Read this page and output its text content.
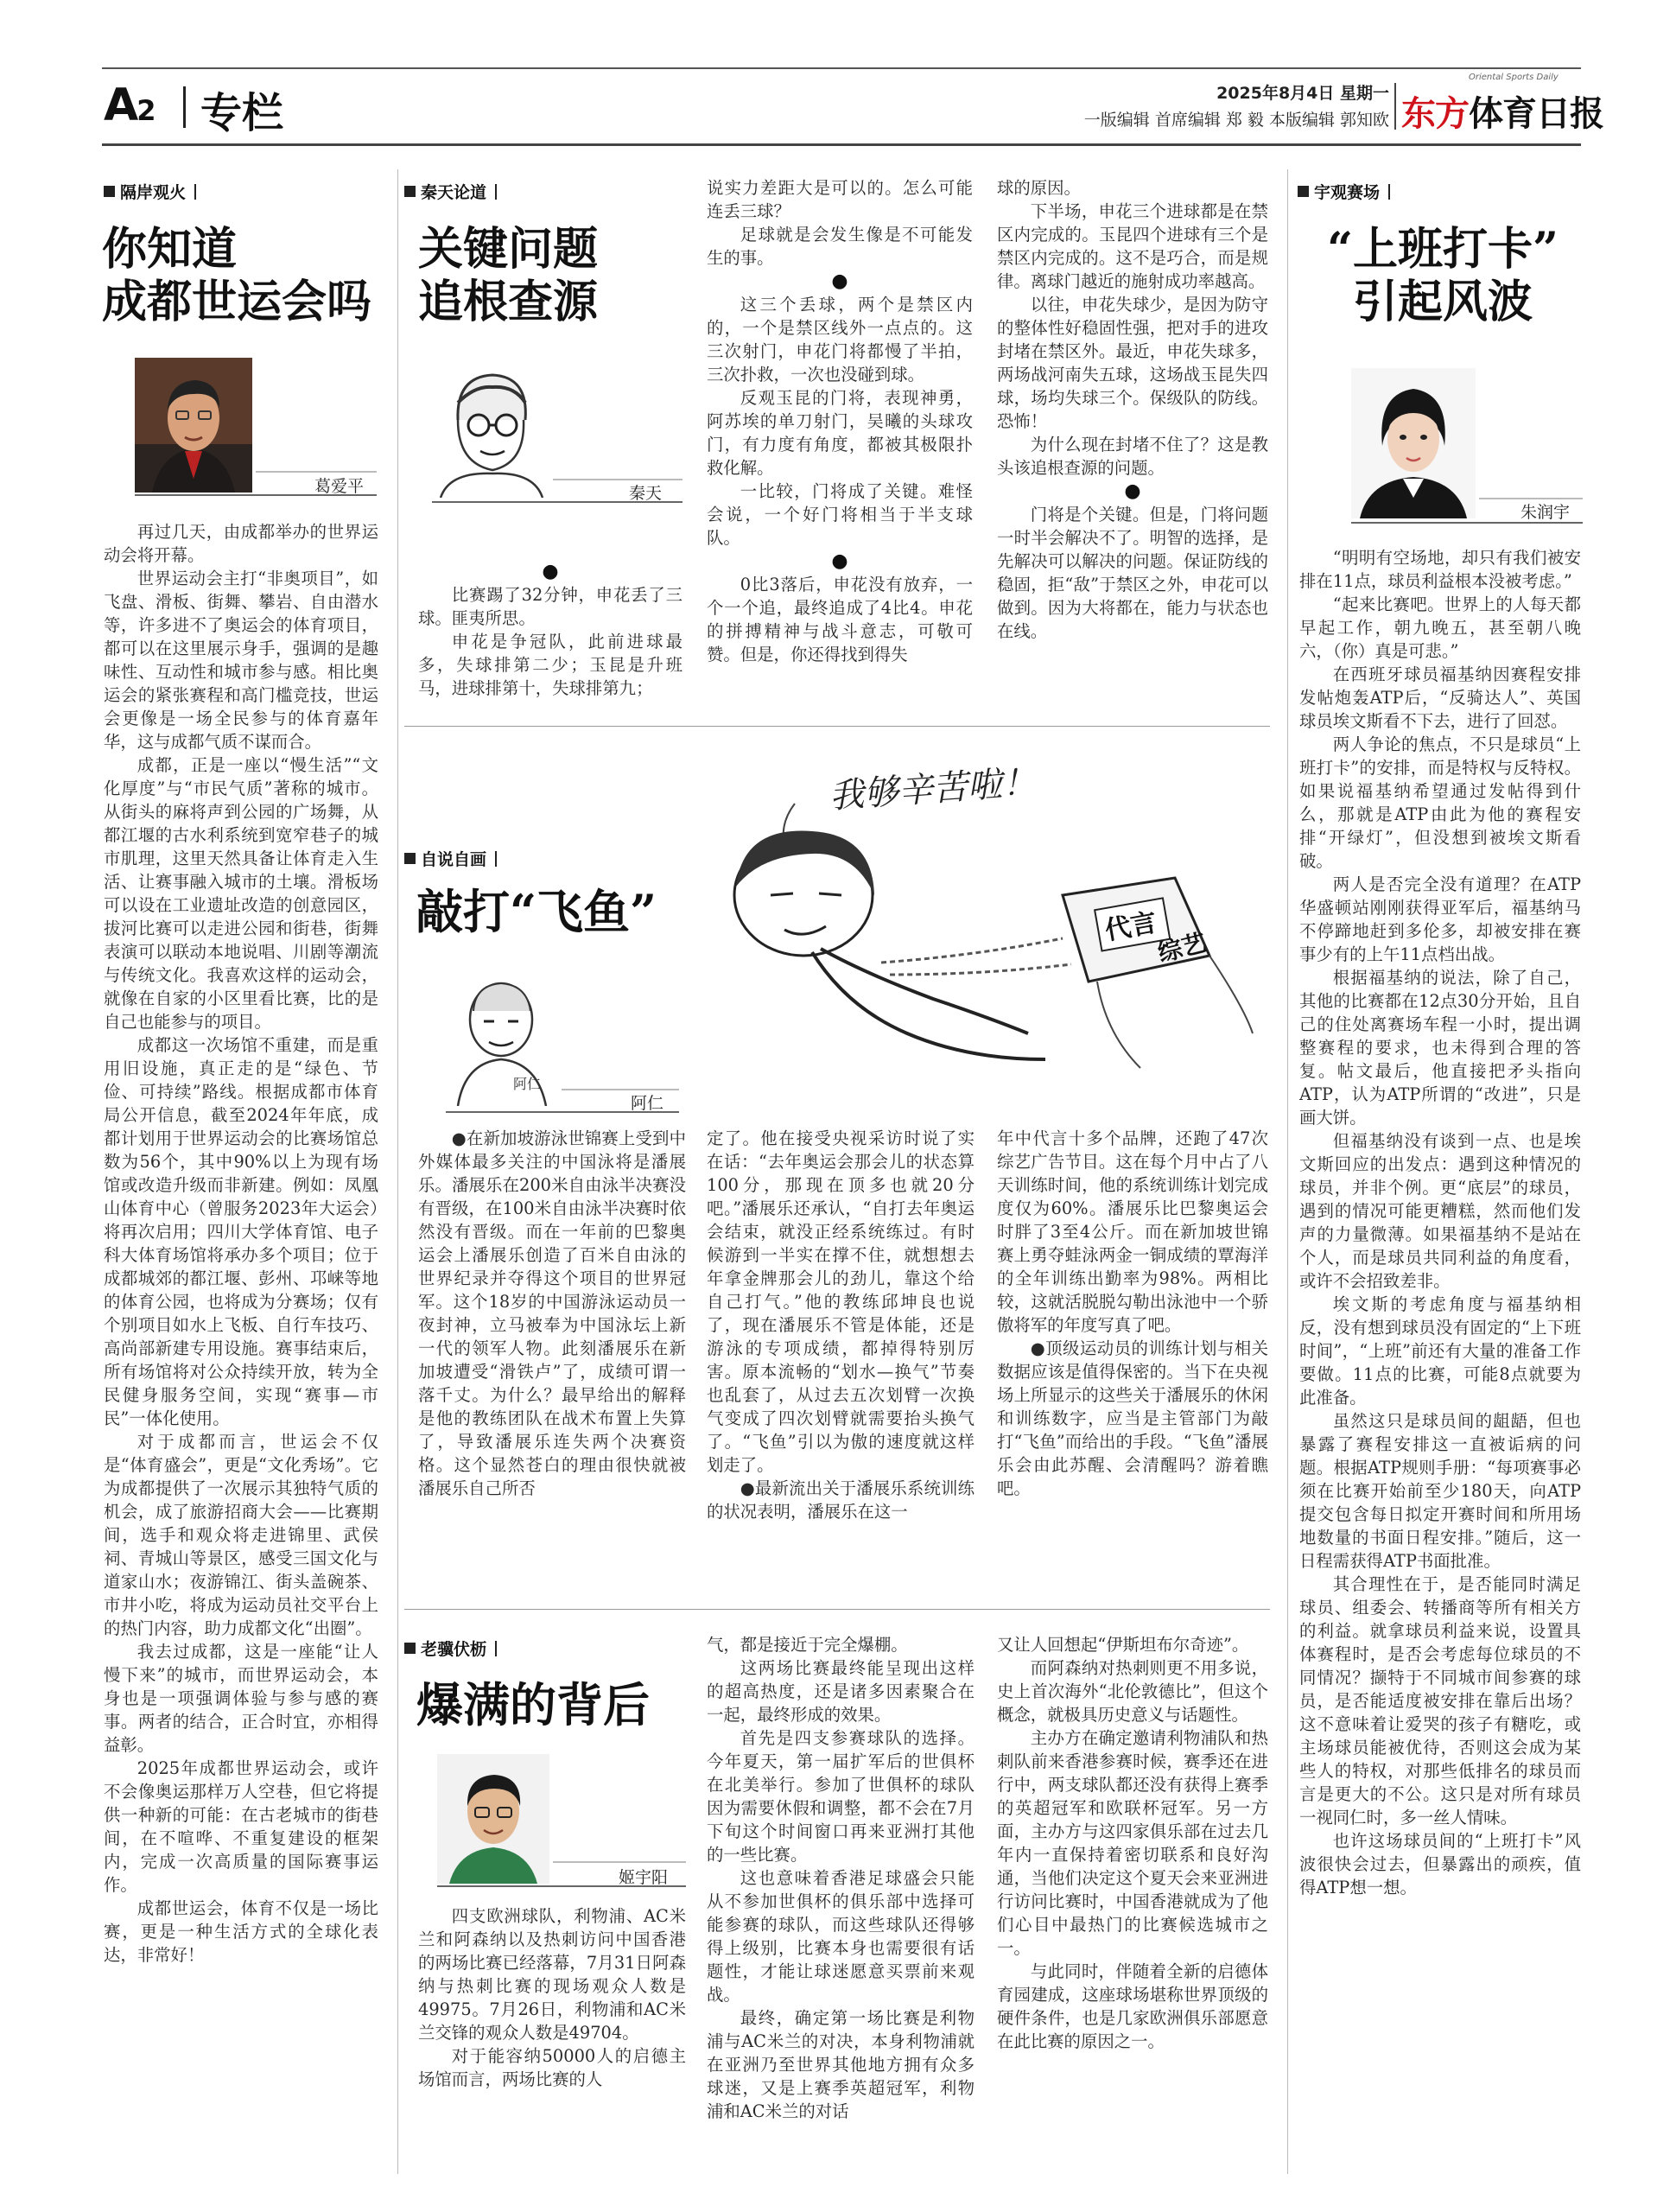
A2 专栏	2025年8月4日 星期一
一版编辑 首席编辑 郑 毅 本版编辑 郭知欧
Oriental Sports Daily
东方体育日报
隔岸观火
你知道
成都世运会吗
葛爱平

再过几天，由成都举办的世界运动会将开幕。

世界运动会主打“非奥项目”，如飞盘、滑板、街舞、攀岩、自由潜水等，许多进不了奥运会的体育项目，都可以在这里展示身手，强调的是趣味性、互动性和城市参与感。相比奥运会的紧张赛程和高门槛竞技，世运会更像是一场全民参与的体育嘉年华，这与成都气质不谋而合。

成都，正是一座以“慢生活”“文化厚度”与“市民气质”著称的城市。从街头的麻将声到公园的广场舞，从都江堰的古水利系统到宽窄巷子的城市肌理，这里天然具备让体育走入生活、让赛事融入城市的土壤。滑板场可以设在工业遗址改造的创意园区，拔河比赛可以走进公园和街巷，街舞表演可以联动本地说唱、川剧等潮流与传统文化。我喜欢这样的运动会，就像在自家的小区里看比赛，比的是自己也能参与的项目。

成都这一次场馆不重建，而是重用旧设施，真正走的是“绿色、节俭、可持续”路线。根据成都市体育局公开信息，截至2024年年底，成都计划用于世界运动会的比赛场馆总数为56个，其中90%以上为现有场馆或改造升级而非新建。例如：凤凰山体育中心（曾服务2023年大运会）将再次启用；四川大学体育馆、电子科大体育场馆将承办多个项目；位于成都城郊的都江堰、彭州、邛崃等地的体育公园，也将成为分赛场；仅有个别项目如水上飞板、自行车技巧、高尚部新建专用设施。赛事结束后，所有场馆将对公众持续开放，转为全民健身服务空间，实现“赛事—市民”一体化使用。

对于成都而言，世运会不仅是“体育盛会”，更是“文化秀场”。它为成都提供了一次展示其独特气质的机会，成了旅游招商大会——比赛期间，选手和观众将走进锦里、武侯祠、青城山等景区，感受三国文化与道家山水；夜游锦江、街头盖碗茶、市井小吃，将成为运动员社交平台上的热门内容，助力成都文化“出圈”。

我去过成都，这是一座能“让人慢下来”的城市，而世界运动会，本身也是一项强调体验与参与感的赛事。两者的结合，正合时宜，亦相得益彰。

2025年成都世界运动会，或许不会像奥运那样万人空巷，但它将提供一种新的可能：在古老城市的街巷间，在不喧哗、不重复建设的框架内，完成一次高质量的国际赛事运作。

成都世运会，体育不仅是一场比赛，更是一种生活方式的全球化表达，非常好！

秦天论道
关键问题
追根查源
秦天

●

比赛踢了32分钟，申花丢了三球。匪夷所思。

申花是争冠队，此前进球最多，失球排第二少；玉昆是升班马，进球排第十，失球排第九；

说实力差距大是可以的。怎么可能连丢三球？

足球就是会发生像是不可能发生的事。

●

这三个丢球，两个是禁区内的，一个是禁区线外一点点的。这三次射门，申花门将都慢了半拍，三次扑救，一次也没碰到球。

反观玉昆的门将，表现神勇，阿苏埃的单刀射门，吴曦的头球攻门，有力度有角度，都被其极限扑救化解。

一比较，门将成了关键。难怪会说，一个好门将相当于半支球队。

●

0比3落后，申花没有放弃，一个一个追，最终追成了4比4。申花的拼搏精神与战斗意志，可敬可赞。但是，你还得找到得失

球的原因。

下半场，申花三个进球都是在禁区内完成的。玉昆四个进球有三个是禁区内完成的。这不是巧合，而是规律。离球门越近的施射成功率越高。

以往，申花失球少，是因为防守的整体性好稳固性强，把对手的进攻封堵在禁区外。最近，申花失球多，两场战河南失五球，这场战玉昆失四球，场均失球三个。保级队的防线。恐怖！

为什么现在封堵不住了？这是教头该追根查源的问题。

●

门将是个关键。但是，门将问题一时半会解决不了。明智的选择，是先解决可以解决的问题。保证防线的稳固，拒“敌”于禁区之外，申花可以做到。因为大将都在，能力与状态也在线。

自说自画
敲打“飞鱼”
阿仁
阿仁
我够辛苦啦！
代言
综艺

●在新加坡游泳世锦赛上受到中外媒体最多关注的中国泳将是潘展乐。潘展乐在200米自由泳半决赛没有晋级，在100米自由泳半决赛时依然没有晋级。而在一年前的巴黎奥运会上潘展乐创造了百米自由泳的世界纪录并夺得这个项目的世界冠军。这个18岁的中国游泳运动员一夜封神，立马被奉为中国泳坛上新一代的领军人物。此刻潘展乐在新加坡遭受“滑铁卢”了，成绩可谓一落千丈。为什么？最早给出的解释是他的教练团队在战术布置上失算了，导致潘展乐连失两个决赛资格。这个显然苍白的理由很快就被潘展乐自己所否

定了。他在接受央视采访时说了实在话：“去年奥运会那会儿的状态算100分，那现在顶多也就20分吧。”潘展乐还承认，“自打去年奥运会结束，就没正经系统练过。有时候游到一半实在撑不住，就想想去年拿金牌那会儿的劲儿，靠这个给自己打气。”他的教练邱坤良也说了，现在潘展乐不管是体能，还是游泳的专项成绩，都掉得特别厉害。原本流畅的“划水—换气”节奏也乱套了，从过去五次划臂一次换气变成了四次划臂就需要抬头换气了。“飞鱼”引以为傲的速度就这样划走了。

●最新流出关于潘展乐系统训练的状况表明，潘展乐在这一

年中代言十多个品牌，还跑了47次综艺广告节目。这在每个月中占了八天训练时间，他的系统训练计划完成度仅为60%。潘展乐比巴黎奥运会时胖了3至4公斤。而在新加坡世锦赛上勇夺蛙泳两金一铜成绩的覃海洋的全年训练出勤率为98%。两相比较，这就活脱脱勾勒出泳池中一个骄傲将军的年度写真了吧。

●顶级运动员的训练计划与相关数据应该是值得保密的。当下在央视场上所显示的这些关于潘展乐的休闲和训练数字，应当是主管部门为敲打“飞鱼”而给出的手段。“飞鱼”潘展乐会由此苏醒、会清醒吗？游着瞧吧。

老骥伏枥
爆满的背后
姬宇阳

四支欧洲球队，利物浦、AC米兰和阿森纳以及热刺访问中国香港的两场比赛已经落幕，7月31日阿森纳与热刺比赛的现场观众人数是49975。7月26日，利物浦和AC米兰交锋的观众人数是49704。

对于能容纳50000人的启德主场馆而言，两场比赛的人

气，都是接近于完全爆棚。

这两场比赛最终能呈现出这样的超高热度，还是诸多因素聚合在一起，最终形成的效果。

首先是四支参赛球队的选择。今年夏天，第一届扩军后的世俱杯在北美举行。参加了世俱杯的球队因为需要休假和调整，都不会在7月下旬这个时间窗口再来亚洲打其他的一些比赛。

这也意味着香港足球盛会只能从不参加世俱杯的俱乐部中选择可能参赛的球队，而这些球队还得够得上级别，比赛本身也需要很有话题性，才能让球迷愿意买票前来观战。

最终，确定第一场比赛是利物浦与AC米兰的对决，本身利物浦就在亚洲乃至世界其他地方拥有众多球迷，又是上赛季英超冠军，利物浦和AC米兰的对话

又让人回想起“伊斯坦布尔奇迹”。

而阿森纳对热刺则更不用多说，史上首次海外“北伦敦德比”，但这个概念，就极具历史意义与话题性。

主办方在确定邀请利物浦队和热刺队前来香港参赛时候，赛季还在进行中，两支球队都还没有获得上赛季的英超冠军和欧联杯冠军。另一方面，主办方与这四家俱乐部在过去几年内一直保持着密切联系和良好沟通，当他们决定这个夏天会来亚洲进行访问比赛时，中国香港就成为了他们心目中最热门的比赛候选城市之一。

与此同时，伴随着全新的启德体育园建成，这座球场堪称世界顶级的硬件条件，也是几家欧洲俱乐部愿意在此比赛的原因之一。

宇观赛场
“上班打卡”
引起风波
朱润宇

“明明有空场地，却只有我们被安排在11点，球员利益根本没被考虑。”

“起来比赛吧。世界上的人每天都早起工作，朝九晚五，甚至朝八晚六，（你）真是可悲。”

在西班牙球员福基纳因赛程安排发帖炮轰ATP后，“反骑达人”、英国球员埃文斯看不下去，进行了回怼。

两人争论的焦点，不只是球员“上班打卡”的安排，而是特权与反特权。如果说福基纳希望通过发帖得到什么，那就是ATP由此为他的赛程安排“开绿灯”，但没想到被埃文斯看破。

两人是否完全没有道理？在ATP华盛顿站刚刚获得亚军后，福基纳马不停蹄地赶到多伦多，却被安排在赛事少有的上午11点档出战。

根据福基纳的说法，除了自己，其他的比赛都在12点30分开始，且自己的住处离赛场车程一小时，提出调整赛程的要求，也未得到合理的答复。帖文最后，他直接把矛头指向ATP，认为ATP所谓的“改进”，只是画大饼。

但福基纳没有谈到一点、也是埃文斯回应的出发点：遇到这种情况的球员，并非个例。更“底层”的球员，遇到的情况可能更糟糕，然而他们发声的力量微薄。如果福基纳不是站在个人，而是球员共同利益的角度看，或许不会招致差非。

埃文斯的考虑角度与福基纳相反，没有想到球员没有固定的“上下班时间”，“上班”前还有大量的准备工作要做。11点的比赛，可能8点就要为此准备。

虽然这只是球员间的龃龉，但也暴露了赛程安排这一直被诟病的问题。根据ATP规则手册：“每项赛事必须在比赛开始前至少180天，向ATP提交包含每日拟定开赛时间和所用场地数量的书面日程安排。”随后，这一日程需获得ATP书面批准。

其合理性在于，是否能同时满足球员、组委会、转播商等所有相关方的利益。就拿球员利益来说，设置具体赛程时，是否会考虑每位球员的不同情况？撷特于不同城市间参赛的球员，是否能适度被安排在靠后出场？这不意味着让爱哭的孩子有糖吃，或主场球员能被优待，否则这会成为某些人的特权，对那些低排名的球员而言是更大的不公。这只是对所有球员一视同仁时，多一丝人情味。

也许这场球员间的“上班打卡”风波很快会过去，但暴露出的顽疾，值得ATP想一想。
